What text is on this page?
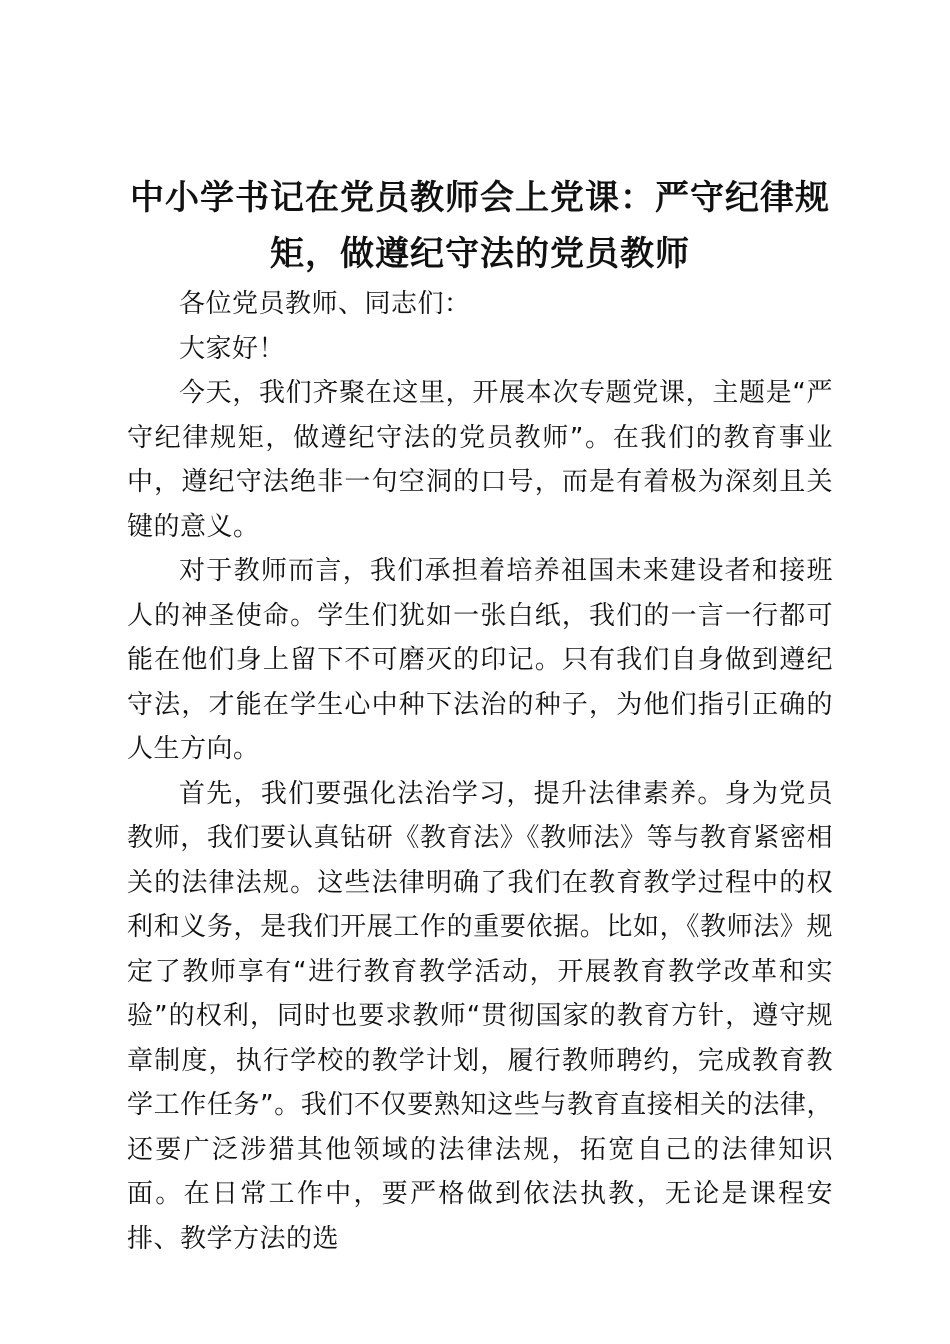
中小学书记在党员教师会上党课：严守纪律规矩，做遵纪守法的党员教师

各位党员教师、同志们：

大家好！

今天，我们齐聚在这里，开展本次专题党课，主题是“严守纪律规矩，做遵纪守法的党员教师”。在我们的教育事业中，遵纪守法绝非一句空洞的口号，而是有着极为深刻且关键的意义。

对于教师而言，我们承担着培养祖国未来建设者和接班人的神圣使命。学生们犹如一张白纸，我们的一言一行都可能在他们身上留下不可磨灭的印记。只有我们自身做到遵纪守法，才能在学生心中种下法治的种子，为他们指引正确的人生方向。

首先，我们要强化法治学习，提升法律素养。身为党员教师，我们要认真钻研《教育法》《教师法》等与教育紧密相关的法律法规。这些法律明确了我们在教育教学过程中的权利和义务，是我们开展工作的重要依据。比如，《教师法》规定了教师享有“进行教育教学活动，开展教育教学改革和实验”的权利，同时也要求教师“贯彻国家的教育方针，遵守规章制度，执行学校的教学计划，履行教师聘约，完成教育教学工作任务”。我们不仅要熟知这些与教育直接相关的法律，还要广泛涉猎其他领域的法律法规，拓宽自己的法律知识面。在日常工作中，要严格做到依法执教，无论是课程安排、教学方法的选
